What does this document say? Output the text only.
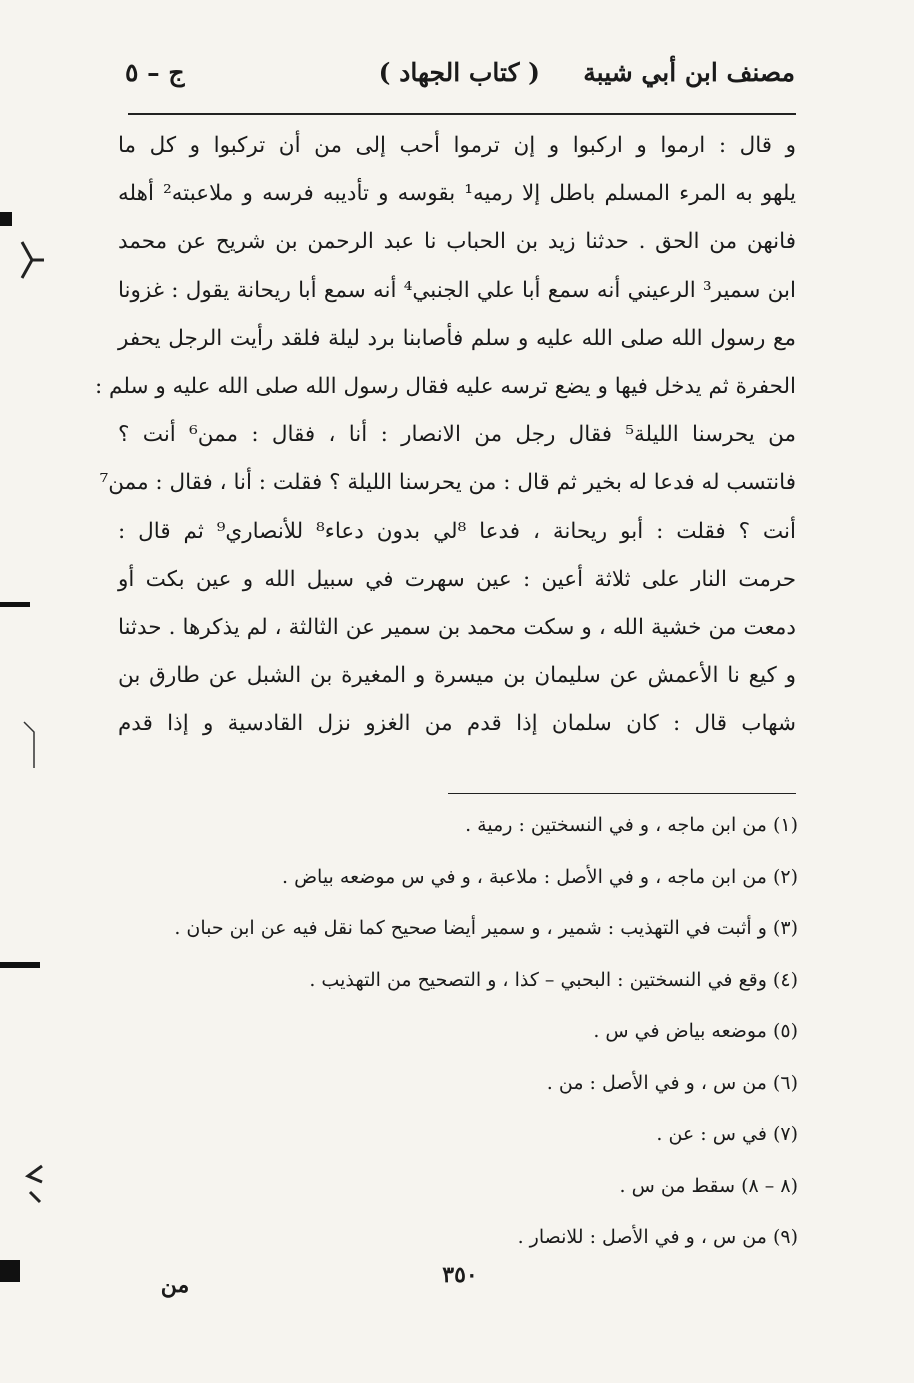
مصنف ابن أبي شيبة
( كتاب الجهاد )
ج – ٥
و قال : ارموا و اركبوا و إن ترموا أحب إلى من أن تركبوا و كل ما
يلهو به المرء المسلم باطل إلا رميه¹ بقوسه و تأديبه فرسه و ملاعبته² أهله
فانهن من الحق . حدثنا زيد بن الحباب نا عبد الرحمن بن شريح عن محمد
ابن سمير³ الرعيني أنه سمع أبا علي الجنبي⁴ أنه سمع أبا ريحانة يقول : غزونا
مع رسول الله صلى الله عليه و سلم فأصابنا برد ليلة فلقد رأيت الرجل يحفر
الحفرة ثم يدخل فيها و يضع ترسه عليه فقال رسول الله صلى الله عليه و سلم :
من يحرسنا الليلة⁵ فقال رجل من الانصار : أنا ، فقال : ممن⁶ أنت ؟
فانتسب له فدعا له بخير ثم قال : من يحرسنا الليلة ؟ فقلت : أنا ، فقال : ممن⁷
أنت ؟ فقلت : أبو ريحانة ، فدعا ⁸لي بدون دعاء⁸ للأنصاري⁹ ثم قال :
حرمت النار على ثلاثة أعين : عين سهرت في سبيل الله و عين بكت أو
دمعت من خشية الله ، و سكت محمد بن سمير عن الثالثة ، لم يذكرها . حدثنا
و كيع نا الأعمش عن سليمان بن ميسرة و المغيرة بن الشبل عن طارق بن
شهاب قال : كان سلمان إذا قدم من الغزو نزل القادسية و إذا قدم
(١) من ابن ماجه ، و في النسختين : رمية .
(٢) من ابن ماجه ، و في الأصل : ملاعبة ، و في س موضعه بياض .
(٣) و أثبت في التهذيب : شمير ، و سمير أيضا صحيح كما نقل فيه عن ابن حبان .
(٤) وقع في النسختين : البحبي – كذا ، و التصحيح من التهذيب .
(٥) موضعه بياض في س .
(٦) من س ، و في الأصل : من .
(٧) في س : عن .
(٨ – ٨) سقط من س .
(٩) من س ، و في الأصل : للانصار .
٣٥٠
من
